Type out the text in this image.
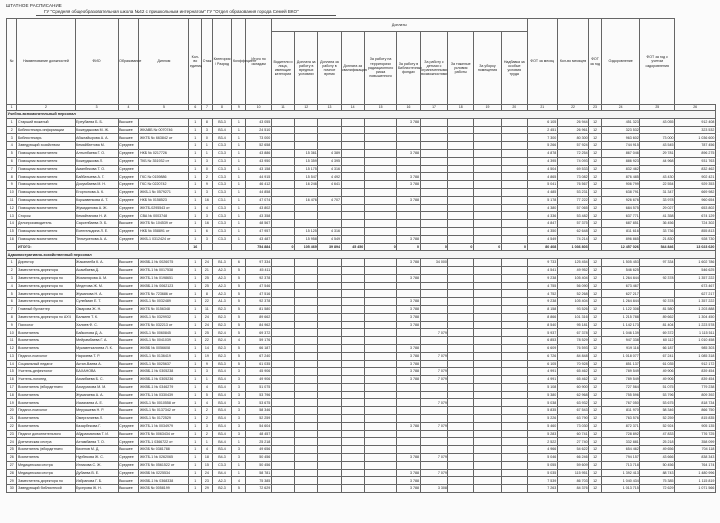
ШТАТНОЕ РАСПИСАНИЕ
ГУ "Средняя общеобразовательная школа №42 с пришкольным интернатом" ГУ "Отдел образования города Семей ВКО"
№	Наименование должностей	ФИО	Образование	Диплом	Кол-во единиц	Стаж	Категория / Разряд	Коэффициент	Итого по окладам	Доплаты										ФОТ за месяц	Кол-во месяцев	ФОТ за год	Оздоровление	ФОТ за год с учетом оздоровления	
										Водители и лица, имеющие категории	Доплата за работу в вредных условиях	Доплата за работу в ночное время	Доплата за квалификацию	За работу на территориях радиационного риска повышенного	За работу в Библиотечных фондах	За работу с детьми с ограниченными возможностями	За тяжелые условия работы	За уборку помещения	Надбавка за особые условия труда						
1	2	3	4	5	6	7	8	9	10	11	12	13	14	15	16	17	18	19	20	21	22	23	24	25	26
Учебно-вспомогательный персонал																									
1	Старший вожатый	Ереубаева Б. Б.	Высшее		1	8	В3-3	1	43 055						3 788					6 105	26 944	12	451 323	43 055	912 408
2	Библиотекарь информации	Кожердыкова М. Ж.	Высшее	ЖКАВБ № 0070746	1	3	В3-4	1	24 510											2 451	26 961	12	323 532		323 532
3	Библиотекарь	Абылайырова А. А.	Высшее	ЖКТБ № 663842 от	1	0	В3-4	1	73 000											7 300	80 300	12	963 602	73 000	1 036 600
4	Заведующий хозяйством	Кемайбаттова М.	Среднее		1	1	С3-3	1	52 658											5 266	57 924	12	744 915	43 545	787 456
5	Помощник воспитателя	Алтынбаева Г. О.	Среднее	НКБ № 0217726	1	1	С3-3	1	43 886		15 361	4 389			3 788					4 878	72 254	12	867 046	29 781	896 275
6	Помощник воспитателя	Кожердыкова Л.	Среднее	ТКБ № 351932 от	1	3	С3-3	1	43 950		15 359	4 395								4 395	74 093	12	886 923	44 968	931 763
7	Помощник воспитателя	Аманбекова Т. О.	Среднее		1	0	С3-3	1	43 158		15 175	4 316								4 504	69 533	12	832 462		832 462
8	Помощник воспитателя	Байбатыева А. Г.	Среднее	ГКС № 0159886	1	2	С3-3	1	44 915		15 547	4 492			3 788					4 865	73 082	12	876 485	43 430	902 421
9	Помощник воспитателя	Досумбаева М. Н.	Среднее	ГКС № 0220742	1	9	С3-3	1	46 412		16 246	4 641			3 788					5 041	76 567	12	906 799	22 554	929 353
10	Помощник воспитателя	Егорнонова А. К.	Среднее	ЖКБ-1 № 0579271	1	3	С3-3	1	44 858											4 485	53 231	12	638 791	31 347	669 982
11	Помощник воспитателя	Коржавенкова А. Т.	Среднее	НКБ № 0158523	1	16	С3-1	1	47 074		16 476	4 707			3 788					5 178	77 222	12	926 676	33 978	960 654
12	Помощник воспитателя	Жумадилова А. Ж.	Среднее	ЖКТБ-0295543 от	1	4	С3-3	1	43 802											4 380	57 065	12	684 575	29 027	653 802
13	Сторож	Кемайтанова Н. И.	Среднее	СВА № 0003748	1	3	С3-3	1	43 358											4 336	53 482	12	637 771	41 358	674 129
14	Делопроизводитель	Сарсенбаева Э. Б.	Высшее	ЖКТБ № 104539 от	1	16	С3-3	1	48 567											4 847	57 375	12	687 851	36 456	724 302
15	Помощник воспитателя	Есенгельдина Л. Е.	Среднее	НКБ № 058891 от	1	6	С3-3	1	47 957		15 125	4 316								4 350	62 648	12	811 616	33 736	855 813
16	Помощник воспитателя	Тельтукенова А. А.	Среднее	ЖКБ-1 0312424 от	1	3	С3-3	1	43 487		15 958	4 549			3 788					4 549	74 214	12	896 865	21 830	928 730
	ИТОГО:				16				754 884	0	105 469	39 894	45 450	0	0	0	0	0	0	80 408	1 036 803		12 457 026	544 846	13 023 620
Административно-хозяйственный персонал																									
1	Директор	Жаканиеба К. А.	Высшее	ЖКВБ-1 № 0026075	1	24	В1-3	6	97 334						3 788	34 000				9 733	125 454	12	1 505 453	97 334	1 602 786
2	Заместитель директора	Асамбаева Д.	Высшее	ЖКТБ-1 № 0017538	1	21	А2-3	5	45 411											4 541	49 952	12	546 625		546 625
3	Заместитель директора по	Жомалярова А. М.	Высшее	ЖКТБ-1 № 0198651	1	25	А2-3	5	92 378						3 788					9 238	105 404	12	1 264 844	92 378	1 357 222
4	Заместитель директора по	Медетова Ж. М.	Высшее	ЖКВБ-1 № 0062123	1	25	А2-3	5	47 546											4 755	56 090	12	673 467		673 467
5	Заместитель директора по	Жуманова Н. А.	Высшее	ЖКТБ № 723686 от	1	8	А2-3	5	47 516											4 752	52 268	12	627 217		627 217
6	Заместитель директора по	Сулейман Е. Т.	Высшее	ЖКБ-1 № 0032489	1	22	А1-3	5	92 378						3 788					9 238	105 404	12	1 264 844	92 378	1 357 222
7	Главный бухгалтер	Омарова Ж. Н.	Высшее	ЖКТБ № 0156348	1	11	В2-3	5	81 580						3 788					8 158	93 526	12	1 122 308	81 580	1 203 888
8	Заместитель директора по АХЧ	Балкиев Т. К.	Высшее	ЖКБ-1 № 0329932	1	24	В2-3	5	89 662						3 788					8 866	101 316	12	1 215 788	89 662	1 304 450
9	Психолог	Халиев Ф. С.	Высшее	ЖКТБ № 032213 от	1	24	В2-3	5	84 962						3 788					8 540	95 181	12	1 142 173	81 404	1 223 578
10	Воспитатель	Байконова Д. А.	Высшее	ЖКБ-1 № 0060845	1	25	В2-4	5	69 372							7 079				5 937	67 378	12	1 046 139	69 372	1 115 511
11	Воспитатель	Мейрамбаева Г. А.	Высшее	ЖКБ-1 № 0041039	1	22	В2-4	4	59 176											6 853	78 529	12	947 338	60 112	1 010 458
12	Воспитатель	Мукаметкалиева Л. К.	Высшее	ЖКВБ № 0056608	1	14	В2-3	5	66 187						3 788					6 609	76 593	12	919 116	66 187	985 303
13	Педагог-психолог	Нарсиева Т. Р.	Высшее	ЖКБ-1 № 0136419	1	19	В2-3	5	67 240						3 788	7 079				6 726	84 848	12	1 018 077	67 241	1 085 318
14	Социальный педагог	Актан-Ваева А.	Высшее	ЖКБ-1 № 0025637	1	9	В3-3	5	61 035						3 788					6 105	70 928	12	851 137	61 035	912 172
15	Учитель-дефектолог	БАХАНОВА	Высшее	ЖКВБ-1 № 0305238	1	3	В3-4	3	45 906						3 788	7 079				4 991	65 462	12	789 549	49 906	839 454
16	Учитель-логопед	Ахмибаева Б. С.	Высшее	ЖКВБ-1 № 0305236	1	1	В3-4	3	49 906						3 788	7 079				4 991	65 462	12	789 549	49 906	839 454
17	Воспитатель (вбордитнати	Ахмурахова М. М.	Высшее	ЖКВБ-1 № 0346279	1	4	В3-4	3	51 075											5 108	60 900	12	727 564	51 075	779 238
18	Воспитатель	Жумагаева А. А.	Высшее	ЖКТБ-1 № 0330439	1	5	В3-4	3	53 796											5 380	62 968	12	755 596	53 796	809 392
19	Воспитатель	Исмагаева А. Е.	Высшее	ЖКБ-1 № 0010558 от	1	4	В3-4	3	53 675							7 079				5 038	63 932	12	767 050	53 675	818 734
20	Педагог-психолог	Меруашева Н. Р.	Высшее	ЖКБ-1 № 0137342 от	1	2	В3-4	3	58 346											5 835	67 543	12	811 970	58 346	866 750
21	Воспитатель	Омергалиева Л.	Высшее	ЖКБ-1 № 0172529	1	2	В3-4	3	52 259											5 226	63 790	12	763 576	52 259	815 835
22	Воспитатель	Казарбекова Г.	Среднее	ЖКТБ-1 № 0034979	1	3	В3-4	3	54 604						3 788	7 079				5 460	73 030	12	872 371	52 924	905 135
23	Педагог дополнительного	Абдрахманова Т. И.	Высшее	ЖКТБ № 0063434 от	1	2	В3-4	3	48 457											5 283	60 741	12	728 892	47 833	776 725
24	Диетическая сестра	Ахтамбаева Т. О.	Среднее	ЖКТБ-1 0366722 от	1	1	В4-4	1	25 218											2 522	27 740	12	332 881	25 218	358 099
25	Воспитатель (вбордитнати	Кисенов М. Д.	Высшее	ЖКЗБ № 0381788	1	4	В3-4	3	49 656											4 966	54 622	12	654 462	49 656	704 118
26	Воспитатель	Нурбекова Ж. С.	Среднее	ЖКТБ-1 № 0262065	1	18	В4-3	3	50 456						3 788	7 079				5 046	66 246	12	794 157	43 666	838 343
27	Медицинская сестра	Игликова С. Ж.	Среднее	ЖКТБ № 0561522 от	1	15	С3-3	1	50 456											5 055	59 609	12	713 718	50 456	764 174
28	Медицинская сестра	Дубаева В. Е.	Среднее	ЖКВБ № 0225534	1	24	В4-4	1	58 781						3 788	7 079				5 035	115 951	12	1 392 413	88 743	1 480 996
29	Заместитель директора по	Избранова Г. Б.	Высшее	ЖКВБ-1 № 0368338	1	23	А2-3	4	75 385						3 788					7 539	86 703	12	1 040 434	75 385	1 115 819
30	Заведующий библиотекой	Бусерова Ж. Н.	Высшее	ЖКЗБ № 0058199	1	29	В2-3	5	72 629						3 788	3 308				7 263	84 376	12	1 013 715	72 629	1 071 566
